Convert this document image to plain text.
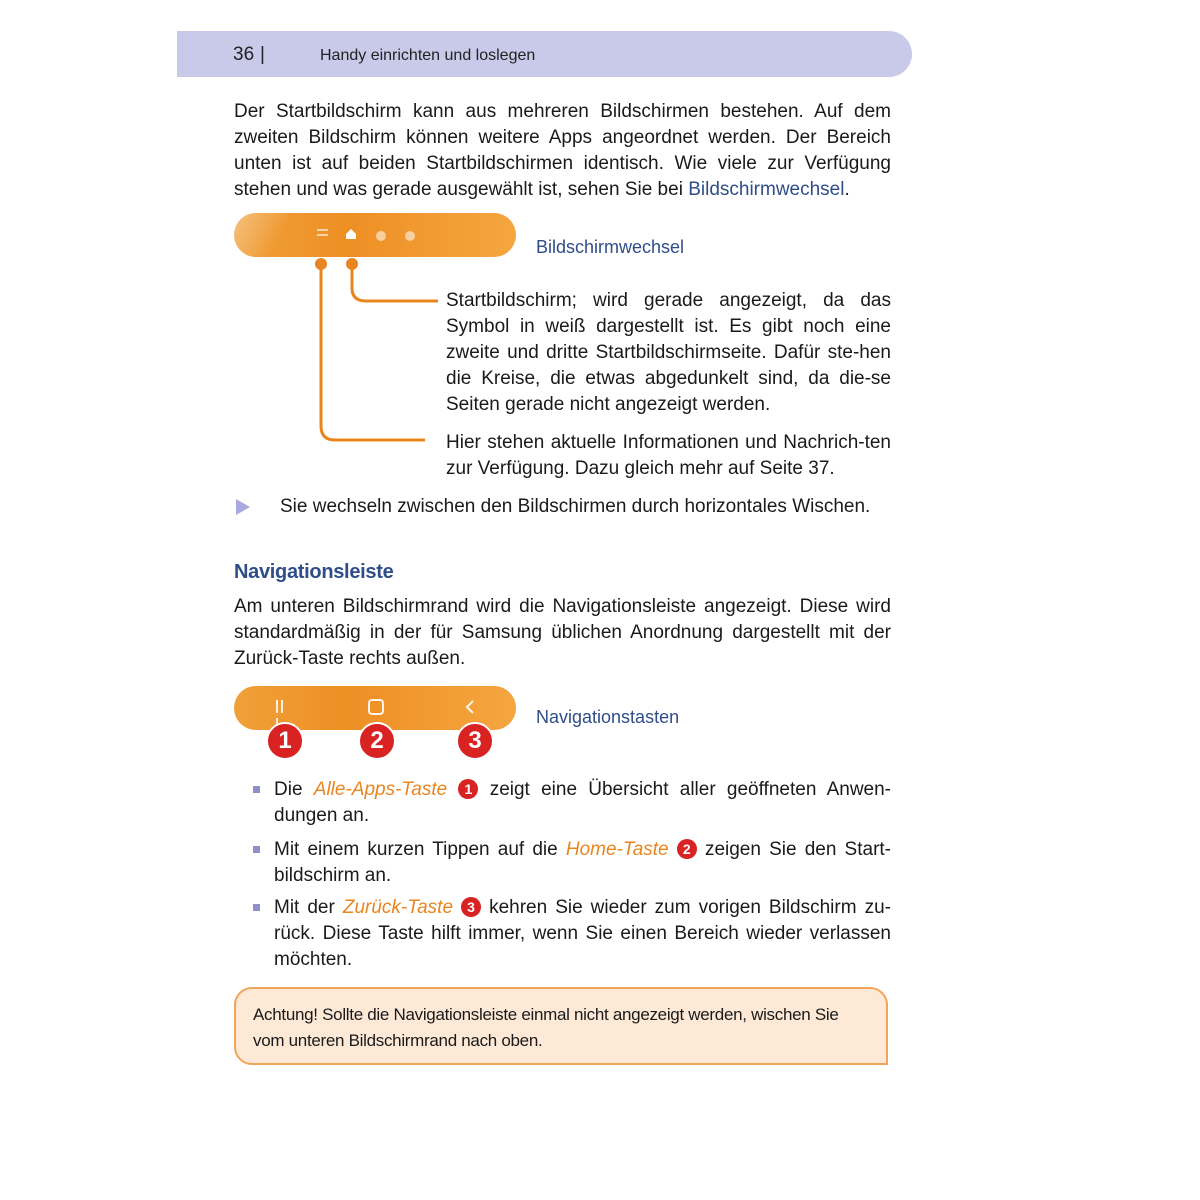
36 |	Handy einrichten und loslegen

Der Startbildschirm kann aus mehreren Bildschirmen bestehen. Auf dem zweiten Bildschirm können weitere Apps angeordnet werden. Der Bereich unten ist auf beiden Startbildschirmen identisch. Wie viele zur Verfügung stehen und was gerade ausgewählt ist, sehen Sie bei Bildschirmwechsel.

Bildschirmwechsel

Startbildschirm; wird gerade angezeigt, da das Symbol in weiß dargestellt ist. Es gibt noch eine zweite und dritte Startbildschirmseite. Dafür ste-hen die Kreise, die etwas abgedunkelt sind, da die-se Seiten gerade nicht angezeigt werden.

Hier stehen aktuelle Informationen und Nachrich-ten zur Verfügung. Dazu gleich mehr auf Seite 37.

Sie wechseln zwischen den Bildschirmen durch horizontales Wischen.
Navigationsleiste

Am unteren Bildschirmrand wird die Navigationsleiste angezeigt. Diese wird standardmäßig in der für Samsung üblichen Anordnung dargestellt mit der Zurück-Taste rechts außen.

Navigationstasten
1	2	3

Die Alle-Apps-Taste 1 zeigt eine Übersicht aller geöffneten Anwen-dungen an.

Mit einem kurzen Tippen auf die Home-Taste 2 zeigen Sie den Start-bildschirm an.

Mit der Zurück-Taste 3 kehren Sie wieder zum vorigen Bildschirm zu-rück. Diese Taste hilft immer, wenn Sie einen Bereich wieder verlassen möchten.

Achtung! Sollte die Navigationsleiste einmal nicht angezeigt werden, wischen Sie vom unteren Bildschirmrand nach oben.
